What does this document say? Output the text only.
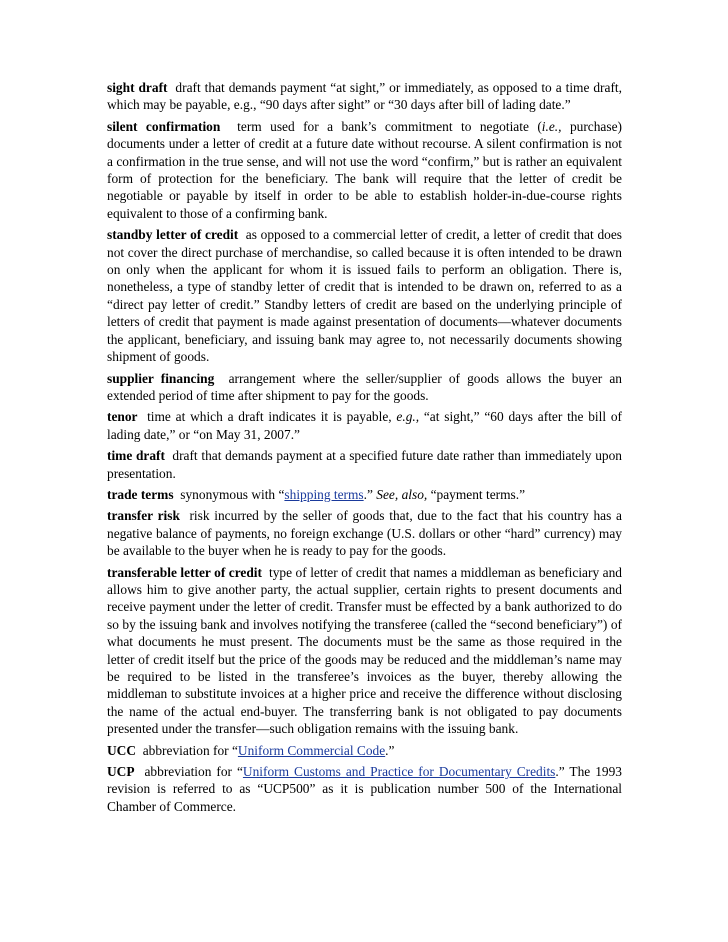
sight draft draft that demands payment “at sight,” or immediately, as opposed to a time draft, which may be payable, e.g., “90 days after sight” or “30 days after bill of lading date.”

silent confirmation term used for a bank’s commitment to negotiate (i.e., purchase) documents under a letter of credit at a future date without recourse. A silent confirmation is not a confirmation in the true sense, and will not use the word “confirm,” but is rather an equivalent form of protection for the beneficiary. The bank will require that the letter of credit be negotiable or payable by itself in order to be able to establish holder-in-due-course rights equivalent to those of a confirming bank.

standby letter of credit as opposed to a commercial letter of credit, a letter of credit that does not cover the direct purchase of merchandise, so called because it is often intended to be drawn on only when the applicant for whom it is issued fails to perform an obligation. There is, nonetheless, a type of standby letter of credit that is intended to be drawn on, referred to as a “direct pay letter of credit.” Standby letters of credit are based on the underlying principle of letters of credit that payment is made against presentation of documents—whatever documents the applicant, beneficiary, and issuing bank may agree to, not necessarily documents showing shipment of goods.

supplier financing arrangement where the seller/supplier of goods allows the buyer an extended period of time after shipment to pay for the goods.

tenor time at which a draft indicates it is payable, e.g., “at sight,” “60 days after the bill of lading date,” or “on May 31, 2007.”

time draft draft that demands payment at a specified future date rather than immediately upon presentation.

trade terms synonymous with “shipping terms.” See, also, “payment terms.”

transfer risk risk incurred by the seller of goods that, due to the fact that his country has a negative balance of payments, no foreign exchange (U.S. dollars or other “hard” currency) may be available to the buyer when he is ready to pay for the goods.

transferable letter of credit type of letter of credit that names a middleman as beneficiary and allows him to give another party, the actual supplier, certain rights to present documents and receive payment under the letter of credit. Transfer must be effected by a bank authorized to do so by the issuing bank and involves notifying the transferee (called the “second beneficiary”) of what documents he must present. The documents must be the same as those required in the letter of credit itself but the price of the goods may be reduced and the middleman’s name may be required to be listed in the transferee’s invoices as the buyer, thereby allowing the middleman to substitute invoices at a higher price and receive the difference without disclosing the name of the actual end-buyer. The transferring bank is not obligated to pay documents presented under the transfer—such obligation remains with the issuing bank.

UCC abbreviation for “Uniform Commercial Code.”

UCP abbreviation for “Uniform Customs and Practice for Documentary Credits.” The 1993 revision is referred to as “UCP500” as it is publication number 500 of the International Chamber of Commerce.
